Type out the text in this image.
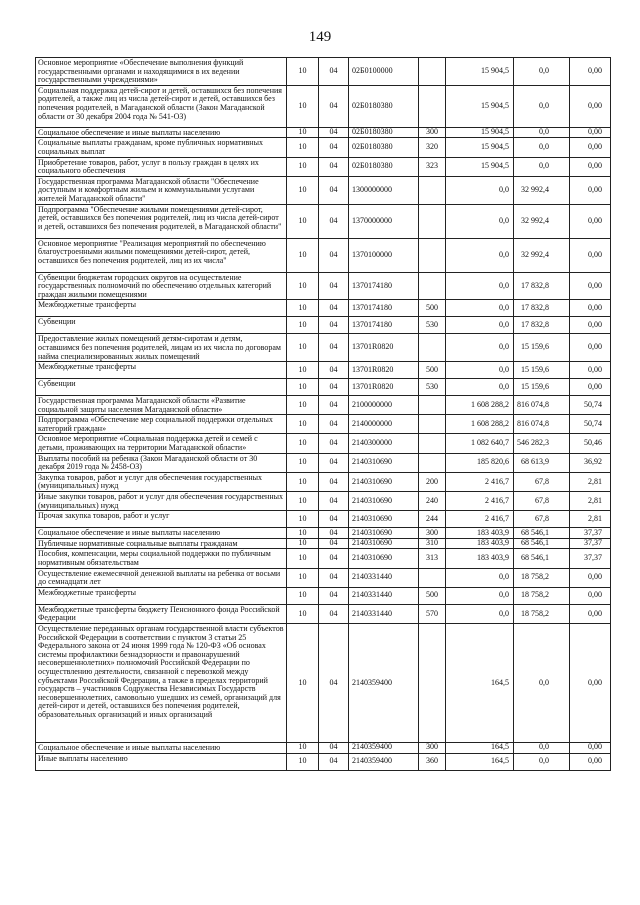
149
Основное мероприятие «Обеспечение выполнения функций государственными органами и находящимися в их ведении государственными учреждениями»	10	04	02Б0100000		15 904,5	0,0	0,00
Социальная поддержка детей-сирот и детей, оставшихся без попечения родителей, а также лиц из числа детей-сирот и детей, оставшихся без попечения родителей, в Магаданской области (Закон Магаданской области от 30 декабря 2004 года № 541-ОЗ)	10	04	02Б0180380		15 904,5	0,0	0,00
Социальное обеспечение и иные выплаты населению	10	04	02Б0180380	300	15 904,5	0,0	0,00
Социальные выплаты гражданам, кроме публичных нормативных социальных выплат	10	04	02Б0180380	320	15 904,5	0,0	0,00
Приобретение товаров, работ, услуг в пользу граждан в целях их социального обеспечения	10	04	02Б0180380	323	15 904,5	0,0	0,00
Государственная программа Магаданской области "Обеспечение доступным и комфортным жильем и коммунальными услугами жителей Магаданской области"	10	04	1300000000		0,0	32 992,4	0,00
Подпрограмма "Обеспечение жилыми помещениями детей-сирот, детей, оставшихся без попечения родителей, лиц из числа детей-сирот и детей, оставшихся без попечения родителей, в Магаданской области"	10	04	1370000000		0,0	32 992,4	0,00
Основное мероприятие "Реализация мероприятий по обеспечению благоустроенными жилыми помещениями детей-сирот, детей, оставшихся без попечения родителей, лиц из их числа"	10	04	1370100000		0,0	32 992,4	0,00
Субвенции бюджетам городских округов на осуществление государственных полномочий по обеспечению отдельных категорий граждан жилыми помещениями	10	04	1370174180		0,0	17 832,8	0,00
Межбюджетные трансферты	10	04	1370174180	500	0,0	17 832,8	0,00
Субвенции	10	04	1370174180	530	0,0	17 832,8	0,00
Предоставление жилых помещений детям-сиротам и детям, оставшимся без попечения родителей, лицам из их числа по договорам найма специализированных жилых помещений	10	04	13701R0820		0,0	15 159,6	0,00
Межбюджетные трансферты	10	04	13701R0820	500	0,0	15 159,6	0,00
Субвенции	10	04	13701R0820	530	0,0	15 159,6	0,00
Государственная программа Магаданской области «Развитие социальной защиты населения Магаданской области»	10	04	2100000000		1 608 288,2	816 074,8	50,74
Подпрограмма «Обеспечение мер социальной поддержки отдельных категорий граждан»	10	04	2140000000		1 608 288,2	816 074,8	50,74
Основное мероприятие «Социальная поддержка детей и семей с детьми, проживающих на территории Магаданской области»	10	04	2140300000		1 082 640,7	546 282,3	50,46
Выплаты пособий на ребенка (Закон Магаданской области от 30 декабря 2019 года № 2458-ОЗ)	10	04	2140310690		185 820,6	68 613,9	36,92
Закупка товаров, работ и услуг для обеспечения государственных (муниципальных) нужд	10	04	2140310690	200	2 416,7	67,8	2,81
Иные закупки товаров, работ и услуг для обеспечения государственных (муниципальных) нужд	10	04	2140310690	240	2 416,7	67,8	2,81
Прочая закупка товаров, работ и услуг	10	04	2140310690	244	2 416,7	67,8	2,81
Социальное обеспечение и иные выплаты населению	10	04	2140310690	300	183 403,9	68 546,1	37,37
Публичные нормативные социальные выплаты гражданам	10	04	2140310690	310	183 403,9	68 546,1	37,37
Пособия, компенсации, меры социальной поддержки по публичным нормативным обязательствам	10	04	2140310690	313	183 403,9	68 546,1	37,37
Осуществление ежемесячной денежной выплаты на ребенка от восьми до семнадцати лет	10	04	2140331440		0,0	18 758,2	0,00
Межбюджетные трансферты	10	04	2140331440	500	0,0	18 758,2	0,00
Межбюджетные трансферты бюджету Пенсионного фонда Российской Федерации	10	04	2140331440	570	0,0	18 758,2	0,00
Осуществление переданных органам государственной власти субъектов Российской Федерации в соответствии с пунктом 3 статьи 25 Федерального закона от 24 июня 1999 года № 120-ФЗ «Об основах системы профилактики безнадзорности и правонарушений несовершеннолетних» полномочий Российской Федерации по осуществлению деятельности, связанной с перевозкой между субъектами Российской Федерации, а также в пределах территорий государств – участников Содружества Независимых Государств несовершеннолетних, самовольно ушедших из семей, организаций для детей-сирот и детей, оставшихся без попечения родителей, образовательных организаций и иных организаций	10	04	2140359400		164,5	0,0	0,00
Социальное обеспечение и иные выплаты населению	10	04	2140359400	300	164,5	0,0	0,00
Иные выплаты населению	10	04	2140359400	360	164,5	0,0	0,00
